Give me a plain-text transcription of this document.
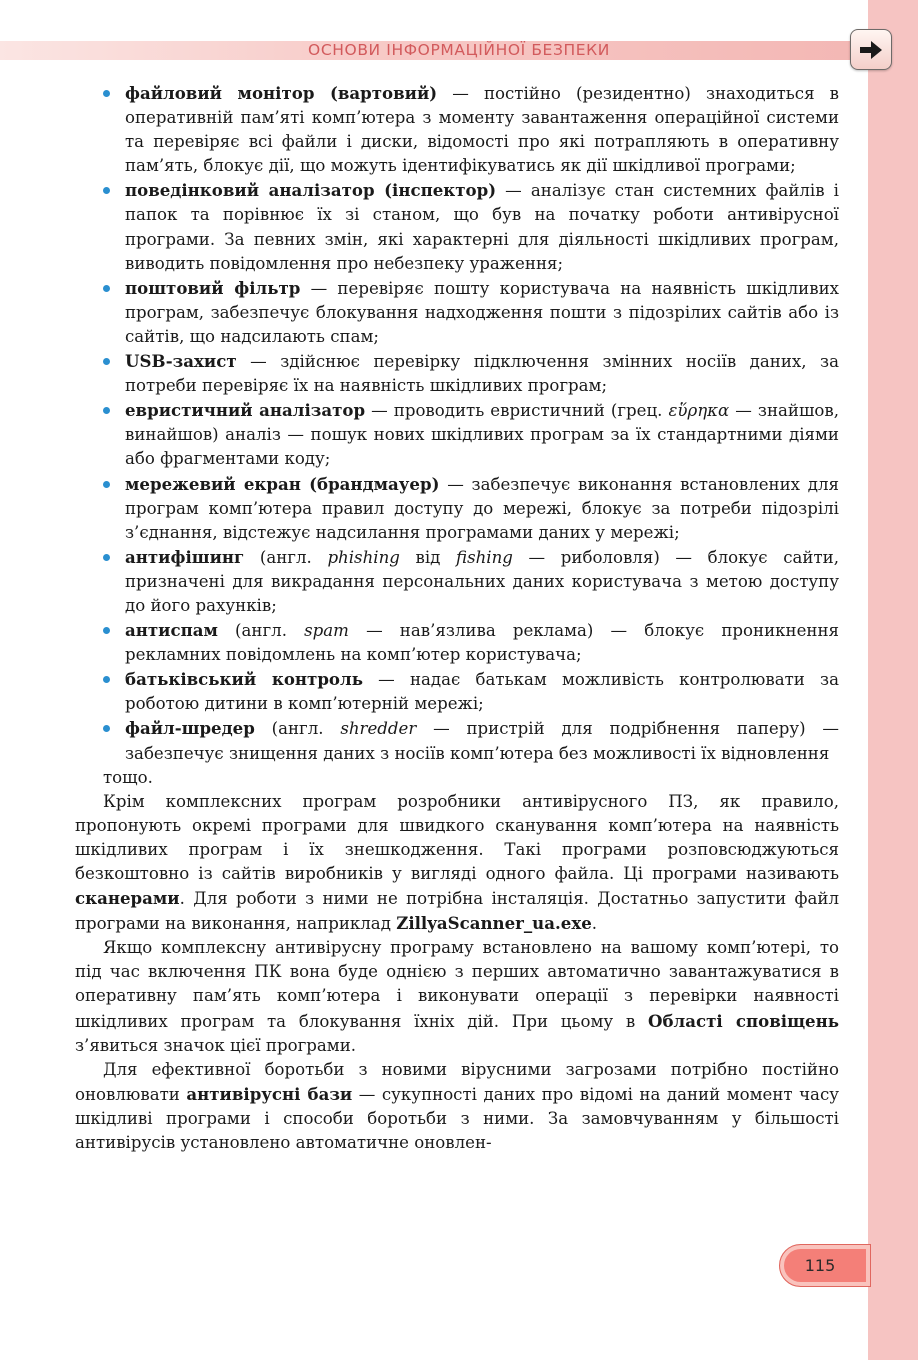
ОСНОВИ ІНФОРМАЦІЙНОЇ БЕЗПЕКИ
файловий монітор (вартовий) — постійно (резидентно) знаходиться в оперативній пам’яті комп’ютера з моменту завантаження операційної системи та перевіряє всі файли і диски, відомості про які потрапляють в оперативну пам’ять, блокує дії, що можуть ідентифікуватись як дії шкідливої програми;
поведінковий аналізатор (інспектор) — аналізує стан системних файлів і папок та порівнює їх зі станом, що був на початку роботи антивірусної програми. За певних змін, які характерні для діяльності шкідливих програм, виводить повідомлення про небезпеку ураження;
поштовий фільтр — перевіряє пошту користувача на наявність шкідливих програм, забезпечує блокування надходження пошти з підозрілих сайтів або із сайтів, що надсилають спам;
USB-захист — здійснює перевірку підключення змінних носіїв даних, за потреби перевіряє їх на наявність шкідливих програм;
евристичний аналізатор — проводить евристичний (грец. εὕρηκα — знайшов, винайшов) аналіз — пошук нових шкідливих програм за їх стандартними діями або фрагментами коду;
мережевий екран (брандмауер) — забезпечує виконання встановлених для програм комп’ютера правил доступу до мережі, блокує за потреби підозрілі з’єднання, відстежує надсилання програмами даних у мережі;
антифішинг (англ. phishing від fishing — риболовля) — блокує сайти, призначені для викрадання персональних даних користувача з метою доступу до його рахунків;
антиспам (англ. spam — нав’язлива реклама) — блокує проникнення рекламних повідомлень на комп’ютер користувача;
батьківський контроль — надає батькам можливість контролювати за роботою дитини в комп’ютерній мережі;
файл-шредер (англ. shredder — пристрій для подрібнення паперу) — забезпечує знищення даних з носіїв комп’ютера без можливості їх відновлення
тощо.

Крім комплексних програм розробники антивірусного ПЗ, як правило, пропонують окремі програми для швидкого сканування комп’ютера на наявність шкідливих програм і їх знешкодження. Такі програми розповсюджуються безкоштовно із сайтів виробників у вигляді одного файла. Ці програми називають сканерами. Для роботи з ними не потрібна інсталяція. Достатньо запустити файл програми на виконання, наприклад ZillyaScanner_ua.exe.

Якщо комплексну антивірусну програму встановлено на вашому комп’ютері, то під час включення ПК вона буде однією з перших автоматично завантажуватися в оперативну пам’ять комп’ютера і виконувати операції з перевірки наявності шкідливих програм та блокування їхніх дій. При цьому в Області сповіщень з’явиться значок цієї програми.

Для ефективної боротьби з новими вірусними загрозами потрібно постійно оновлювати антивірусні бази — сукупності даних про відомі на даний момент часу шкідливі програми і способи боротьби з ними. За замовчуванням у більшості антивірусів установлено автоматичне оновлен-

115
